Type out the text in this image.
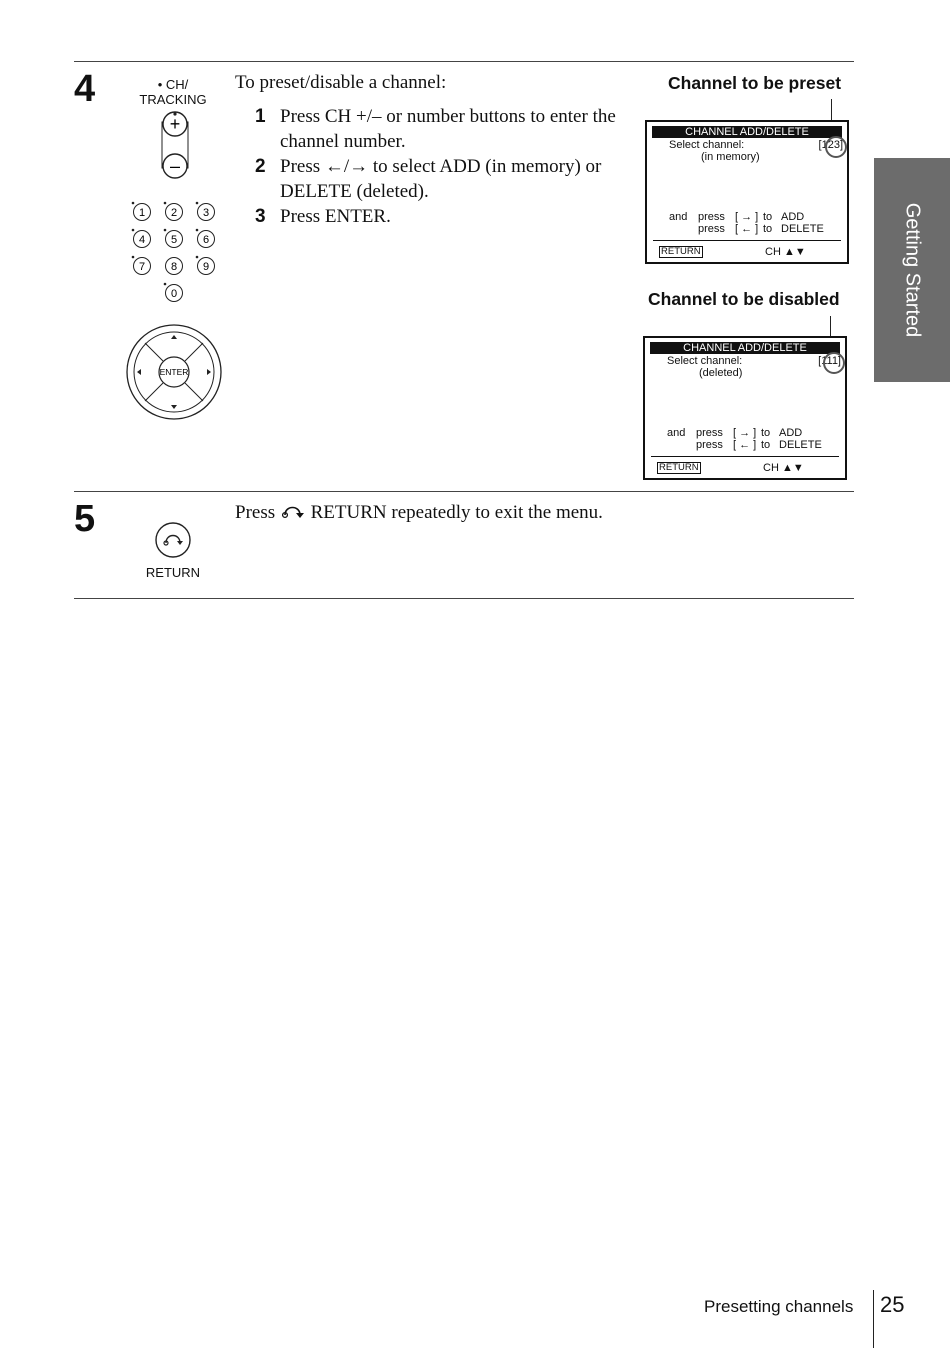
Getting Started
4	• CH/
TRACKING
+
–
1 2 3
4 5 6
7 8 9
0
ENTER
To preset/disable a channel:
1 Press CH +/– or number buttons to enter the channel number.
2 Press ←/→ to select ADD (in memory) or DELETE (deleted).
3 Press ENTER.
Channel to be preset
CHANNEL ADD/DELETE
Select channel:
(in memory)
[123]
and press [ → ] to ADD
press [ ← ] to DELETE
RETURN	CH ▲▼
Channel to be disabled
CHANNEL ADD/DELETE
Select channel:
(deleted)
[111]
and press [ → ] to ADD
press [ ← ] to DELETE
RETURN	CH ▲▼
5
RETURN
Press RETURN repeatedly to exit the menu.
Presetting channels 25
